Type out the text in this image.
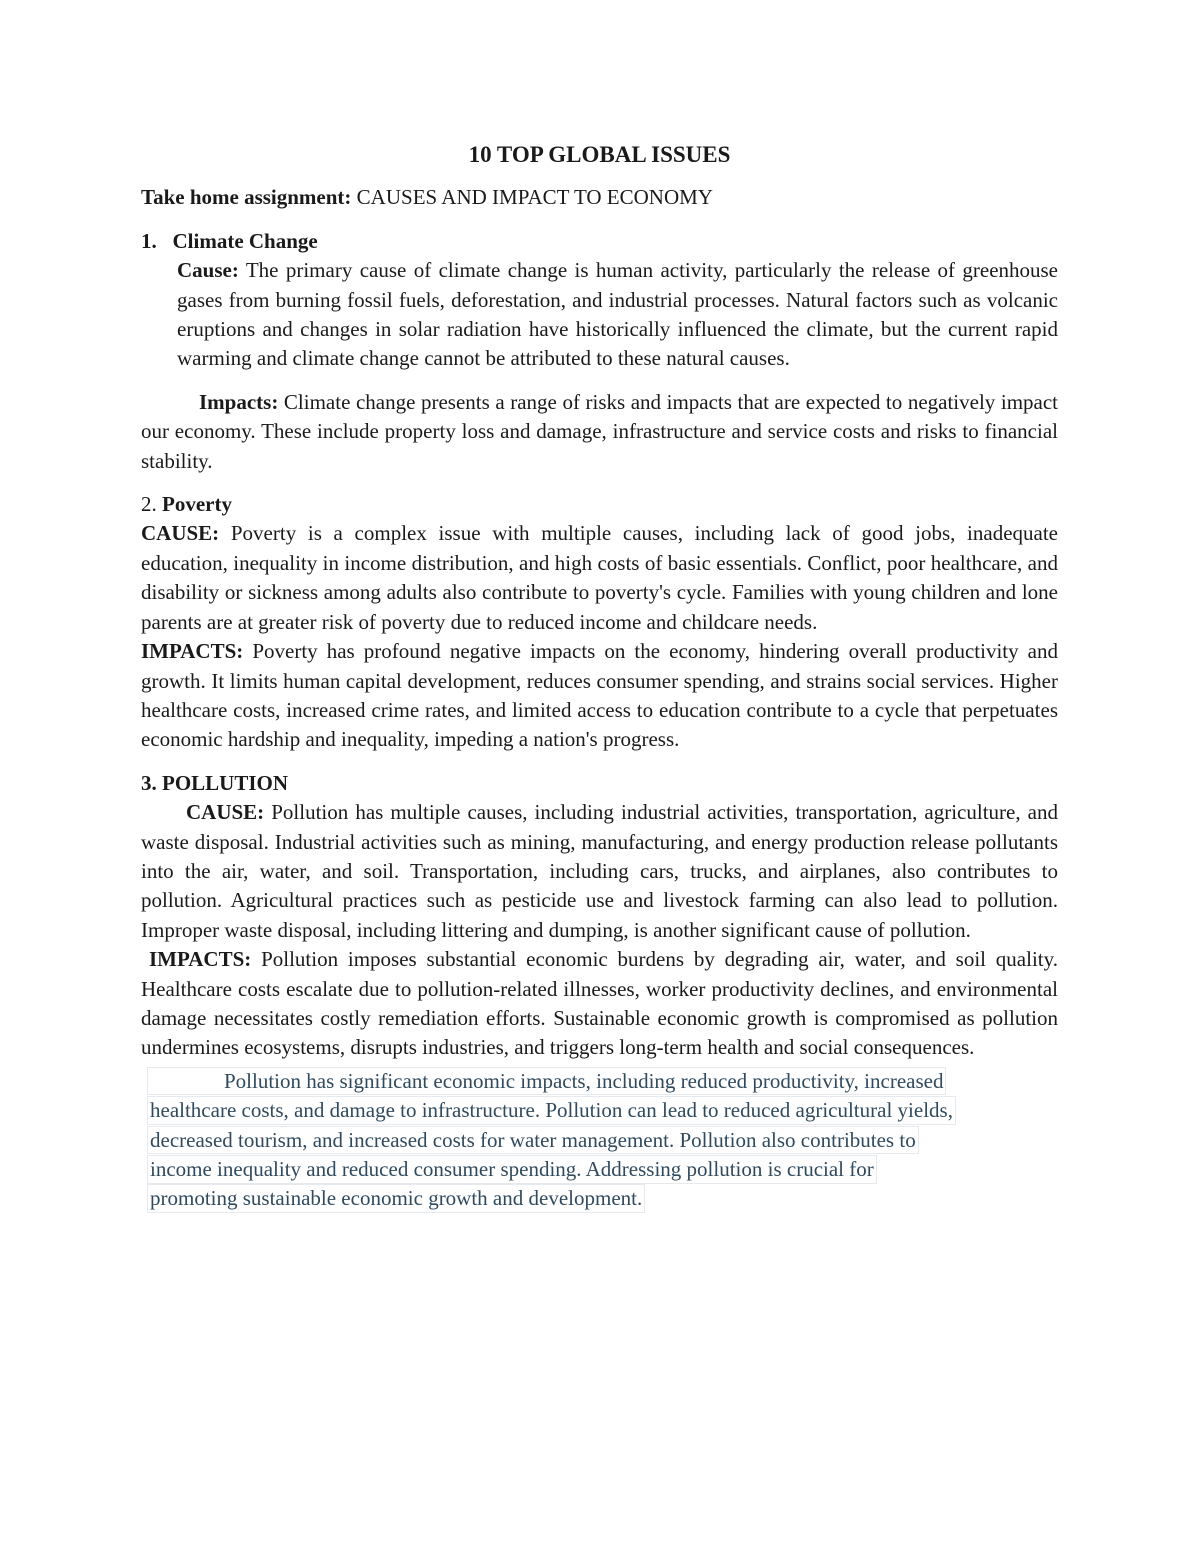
10 TOP GLOBAL ISSUES

Take home assignment: CAUSES AND IMPACT TO ECONOMY

1. Climate Change

Cause: The primary cause of climate change is human activity, particularly the release of greenhouse gases from burning fossil fuels, deforestation, and industrial processes. Natural factors such as volcanic eruptions and changes in solar radiation have historically influenced the climate, but the current rapid warming and climate change cannot be attributed to these natural causes.

Impacts: Climate change presents a range of risks and impacts that are expected to negatively impact our economy. These include property loss and damage, infrastructure and service costs and risks to financial stability.

2. Poverty

CAUSE: Poverty is a complex issue with multiple causes, including lack of good jobs, inadequate education, inequality in income distribution, and high costs of basic essentials. Conflict, poor healthcare, and disability or sickness among adults also contribute to poverty's cycle. Families with young children and lone parents are at greater risk of poverty due to reduced income and childcare needs.

IMPACTS: Poverty has profound negative impacts on the economy, hindering overall productivity and growth. It limits human capital development, reduces consumer spending, and strains social services. Higher healthcare costs, increased crime rates, and limited access to education contribute to a cycle that perpetuates economic hardship and inequality, impeding a nation's progress.

3. POLLUTION

CAUSE: Pollution has multiple causes, including industrial activities, transportation, agriculture, and waste disposal. Industrial activities such as mining, manufacturing, and energy production release pollutants into the air, water, and soil. Transportation, including cars, trucks, and airplanes, also contributes to pollution. Agricultural practices such as pesticide use and livestock farming can also lead to pollution. Improper waste disposal, including littering and dumping, is another significant cause of pollution.

IMPACTS: Pollution imposes substantial economic burdens by degrading air, water, and soil quality. Healthcare costs escalate due to pollution-related illnesses, worker productivity declines, and environmental damage necessitates costly remediation efforts. Sustainable economic growth is compromised as pollution undermines ecosystems, disrupts industries, and triggers long-term health and social consequences.

Pollution has significant economic impacts, including reduced productivity, increased
healthcare costs, and damage to infrastructure. Pollution can lead to reduced agricultural yields,
decreased tourism, and increased costs for water management. Pollution also contributes to
income inequality and reduced consumer spending. Addressing pollution is crucial for
promoting sustainable economic growth and development.
